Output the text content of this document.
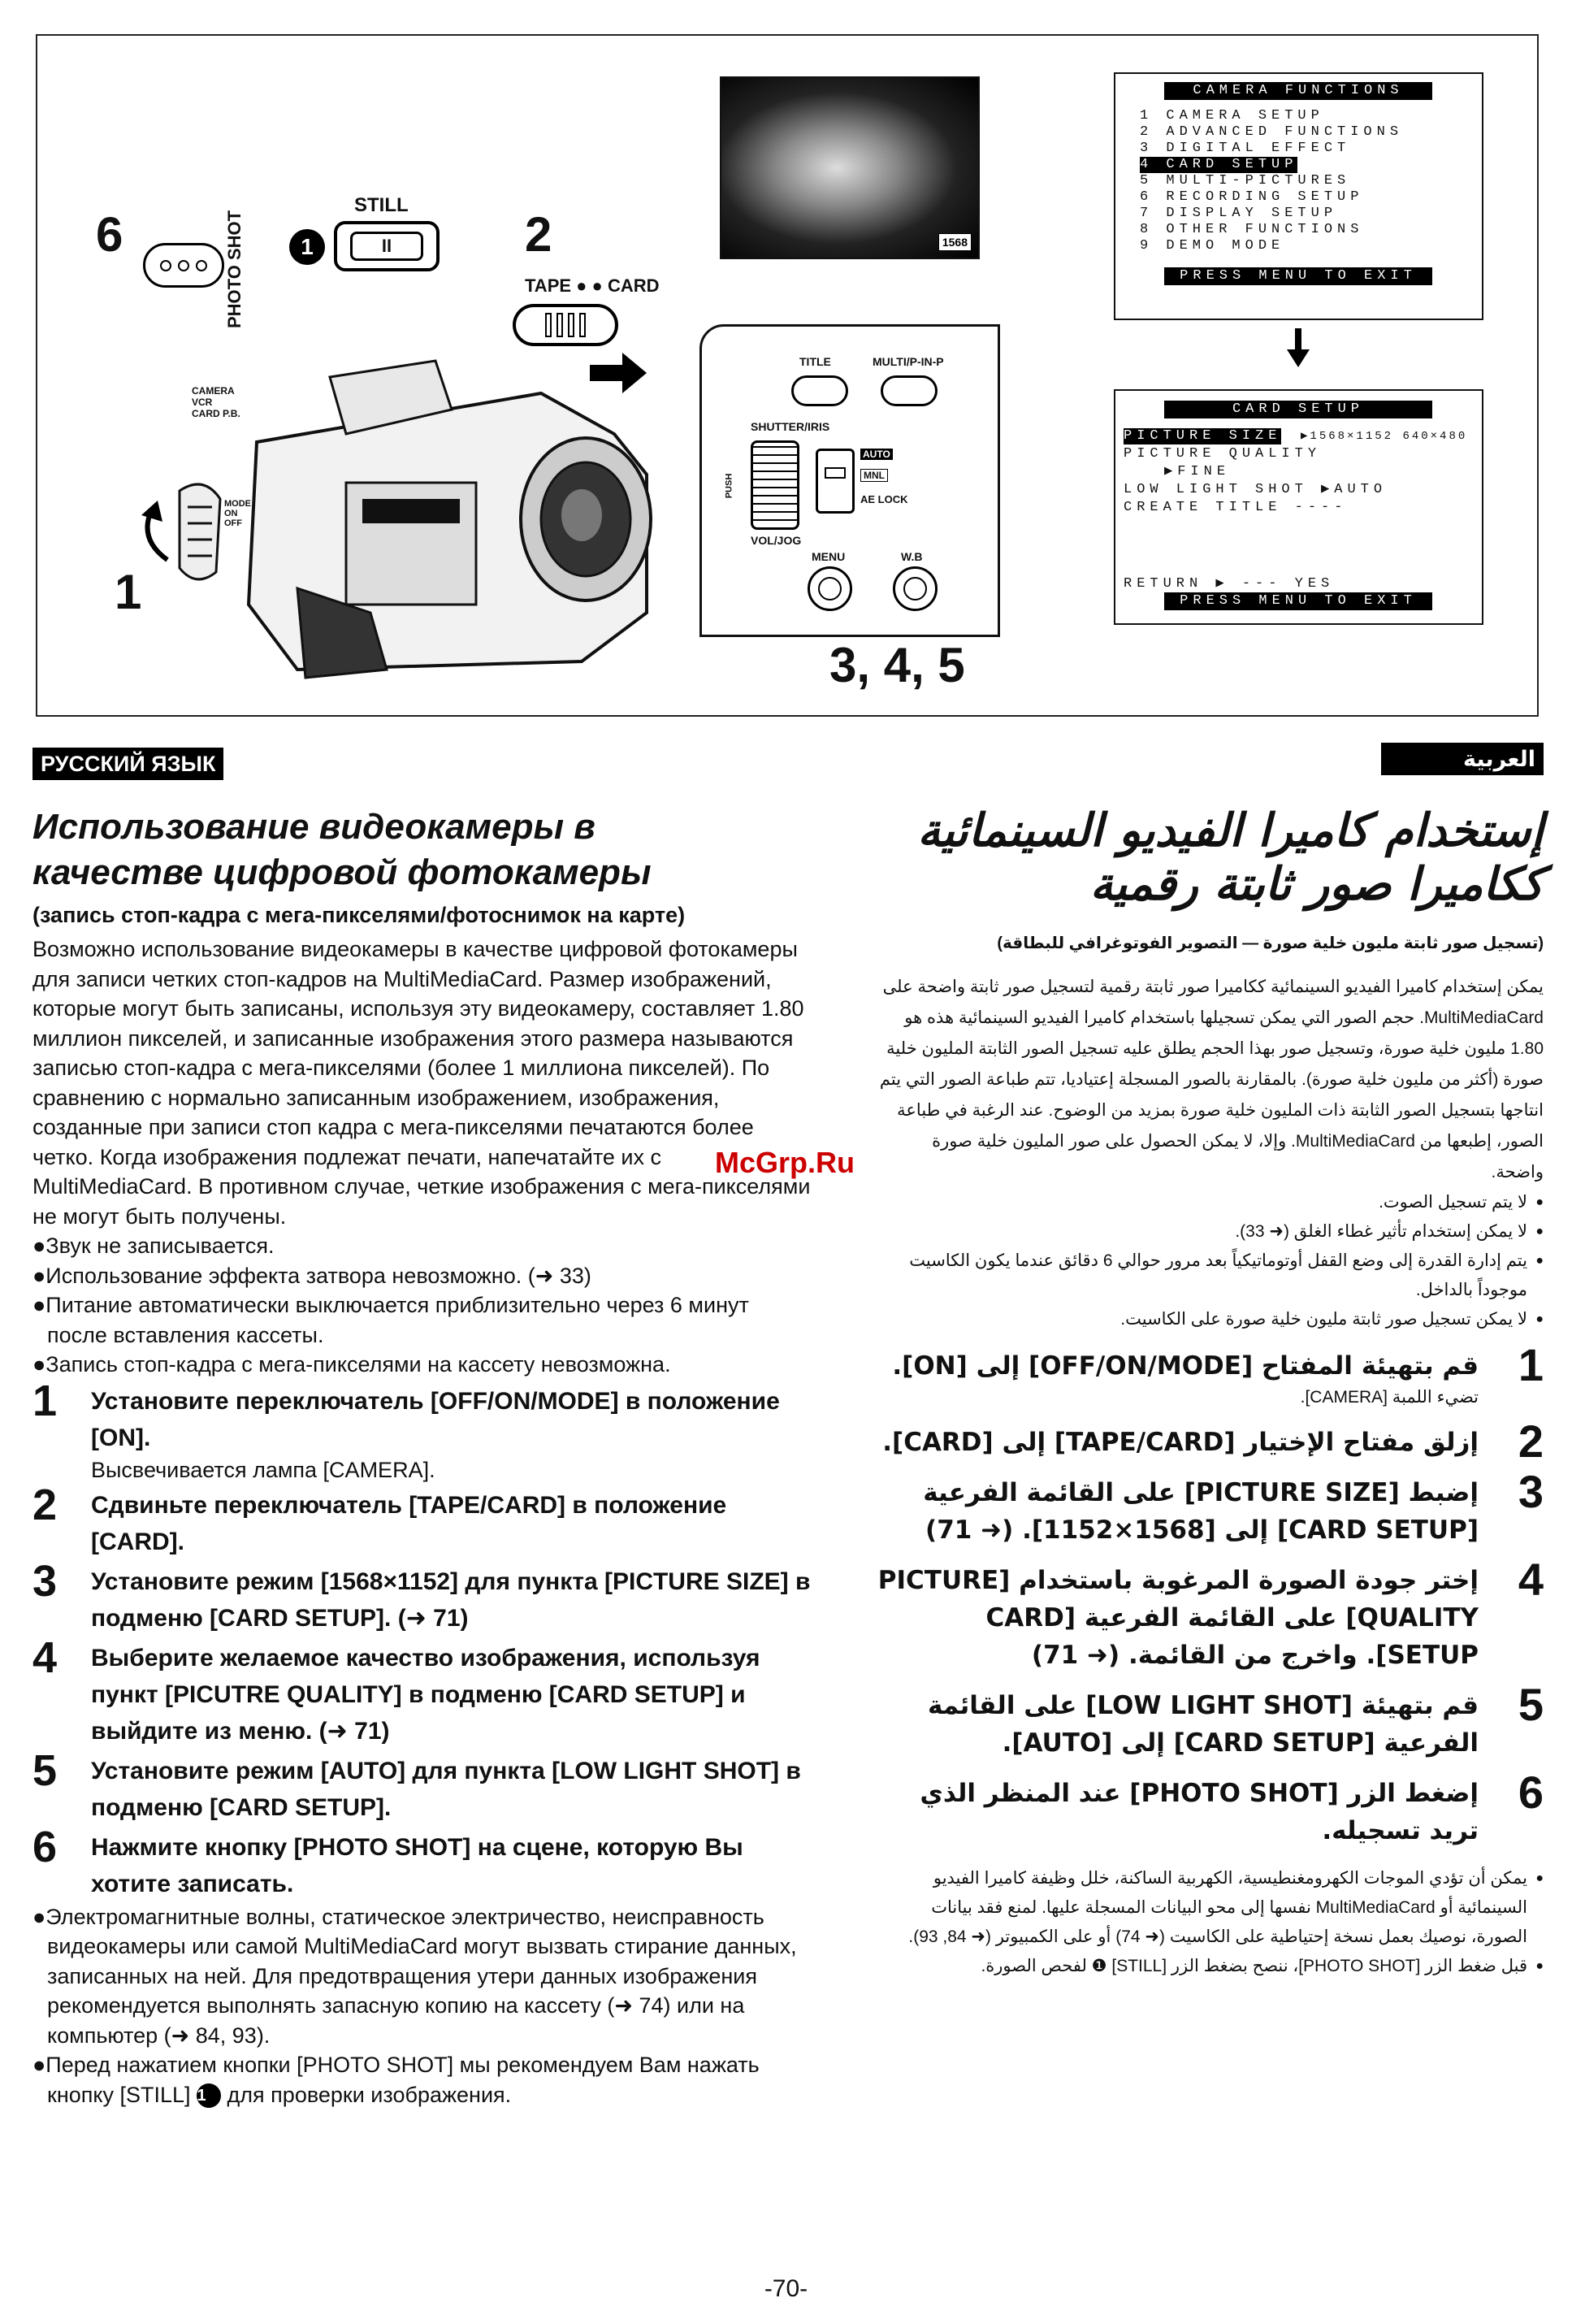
6	2
1
3, 4, 5
PHOTO SHOT	1
STILL
II
TAPE ● ● CARD
CAMERA
VCR
CARD P.B.
MODE
ON
OFF
TITLE	MULTI/P-IN-P
SHUTTER/IRIS
PUSH
AUTO
MNL
AE LOCK
VOL/JOG
MENU	W.B
1568
CAMERA FUNCTIONS
1 CAMERA SETUP
2 ADVANCED FUNCTIONS
3 DIGITAL EFFECT
4 CARD SETUP
5 MULTI-PICTURES
6 RECORDING SETUP
7 DISPLAY SETUP
8 OTHER FUNCTIONS
9 DEMO MODE
PRESS MENU TO EXIT
CARD SETUP
PICTURE SIZE ▶1568×1152 640×480
PICTURE QUALITY
▶FINE
LOW LIGHT SHOT ▶AUTO
CREATE TITLE ----
RETURN ▶ --- YES
PRESS MENU TO EXIT
РУССКИЙ ЯЗЫК	العربية
Использование видеокамеры в
качестве цифровой фотокамеры
(запись стоп-кадра с мега-пикселями/фотоснимок на карте)
Возможно использование видеокамеры в качестве цифровой фотокамеры для записи четких стоп-кадров на MultiMediaCard. Размер изображений, которые могут быть записаны, используя эту видеокамеру, составляет 1.80 миллион пикселей, и записанные изображения этого размера называются записью стоп-кадра с мега-пикселями (более 1 миллиона пикселей). По сравнению с нормально записанным изображением, изображения, созданные при записи стоп кадра с мега-пикселями печатаются более четко. Когда изображения подлежат печати, напечатайте их с MultiMediaCard. В противном случае, четкие изображения с мега-пикселями не могут быть получены.
●Звук не записывается.
●Использование эффекта затвора невозможно. (➜ 33)
●Питание автоматически выключается приблизительно через 6 минут после вставления кассеты.
●Запись стоп-кадра с мега-пикселями на кассету невозможна.
1 Установите переключатель [OFF/ON/MODE] в положение [ON].
Высвечивается лампа [CAMERA].
2 Сдвиньте переключатель [TAPE/CARD] в положение [CARD].
3 Установите режим [1568×1152] для пункта [PICTURE SIZE] в подменю [CARD SETUP]. (➜ 71)
4 Выберите желаемое качество изображения, используя пункт [PICUTRE QUALITY] в подменю [CARD SETUP] и выйдите из меню. (➜ 71)
5 Установите режим [AUTO] для пункта [LOW LIGHT SHOT] в подменю [CARD SETUP].
6 Нажмите кнопку [PHOTO SHOT] на сцене, которую Вы хотите записать.
●Электромагнитные волны, статическое электричество, неисправность видеокамеры или самой MultiMediaCard могут вызвать стирание данных, записанных на ней. Для предотвращения утери данных изображения рекомендуется выполнять запасную копию на кассету (➜ 74) или на компьютер (➜ 84, 93).
●Перед нажатием кнопки [PHOTO SHOT] мы рекомендуем Вам нажать кнопку [STILL] 1 для проверки изображения.
إستخدام كاميرا الفيديو السينمائية ككاميرا صور ثابتة رقمية
(تسجيل صور ثابتة مليون خلية صورة — التصوير الفوتوغرافي للبطاقة)
يمكن إستخدام كاميرا الفيديو السينمائية ككاميرا صور ثابتة رقمية لتسجيل صور ثابتة واضحة على MultiMediaCard. حجم الصور التي يمكن تسجيلها باستخدام كاميرا الفيديو السينمائية هذه هو 1.80 مليون خلية صورة، وتسجيل صور بهذا الحجم يطلق عليه تسجيل الصور الثابتة المليون خلية صورة (أكثر من مليون خلية صورة). بالمقارنة بالصور المسجلة إعتياديا، تتم طباعة الصور التي يتم انتاجها بتسجيل الصور الثابتة ذات المليون خلية صورة بمزيد من الوضوح. عند الرغبة في طباعة الصور، إطبعها من MultiMediaCard. وإلا، لا يمكن الحصول على صور المليون خلية صورة واضحة.
● لا يتم تسجيل الصوت.
● لا يمكن إستخدام تأثير غطاء الغلق (➜ 33).
● يتم إدارة القدرة إلى وضع القفل أوتوماتيكياً بعد مرور حوالي 6 دقائق عندما يكون الكاسيت موجوداً بالداخل.
● لا يمكن تسجيل صور ثابتة مليون خلية صورة على الكاسيت.
1
قم بتهيئة المفتاح [OFF/ON/MODE] إلى [ON].
تضيء اللمبة [CAMERA].
2
إزلق مفتاح الإختيار [TAPE/CARD] إلى [CARD].
3
إضبط [PICTURE SIZE] على القائمة الفرعية [CARD SETUP] إلى [1568×1152]. (➜ 71)
4
إختر جودة الصورة المرغوبة باستخدام [PICTURE QUALITY] على القائمة الفرعية [CARD SETUP]. واخرج من القائمة. (➜ 71)
5
قم بتهيئة [LOW LIGHT SHOT] على القائمة الفرعية [CARD SETUP] إلى [AUTO].
6
إضغط الزر [PHOTO SHOT] عند المنظر الذي تريد تسجيله.
● يمكن أن تؤدي الموجات الكهرومغنطيسية، الكهربية الساكنة، خلل وظيفة كاميرا الفيديو السينمائية أو MultiMediaCard نفسها إلى محو البيانات المسجلة عليها. لمنع فقد بيانات الصورة، نوصيك بعمل نسخة إحتياطية على الكاسيت (➜ 74) أو على الكمبيوتر (➜ 84, 93).
● قبل ضغط الزر [PHOTO SHOT]، ننصح بضغط الزر [STILL] ❶ لفحص الصورة.
McGrp.Ru
-70-
